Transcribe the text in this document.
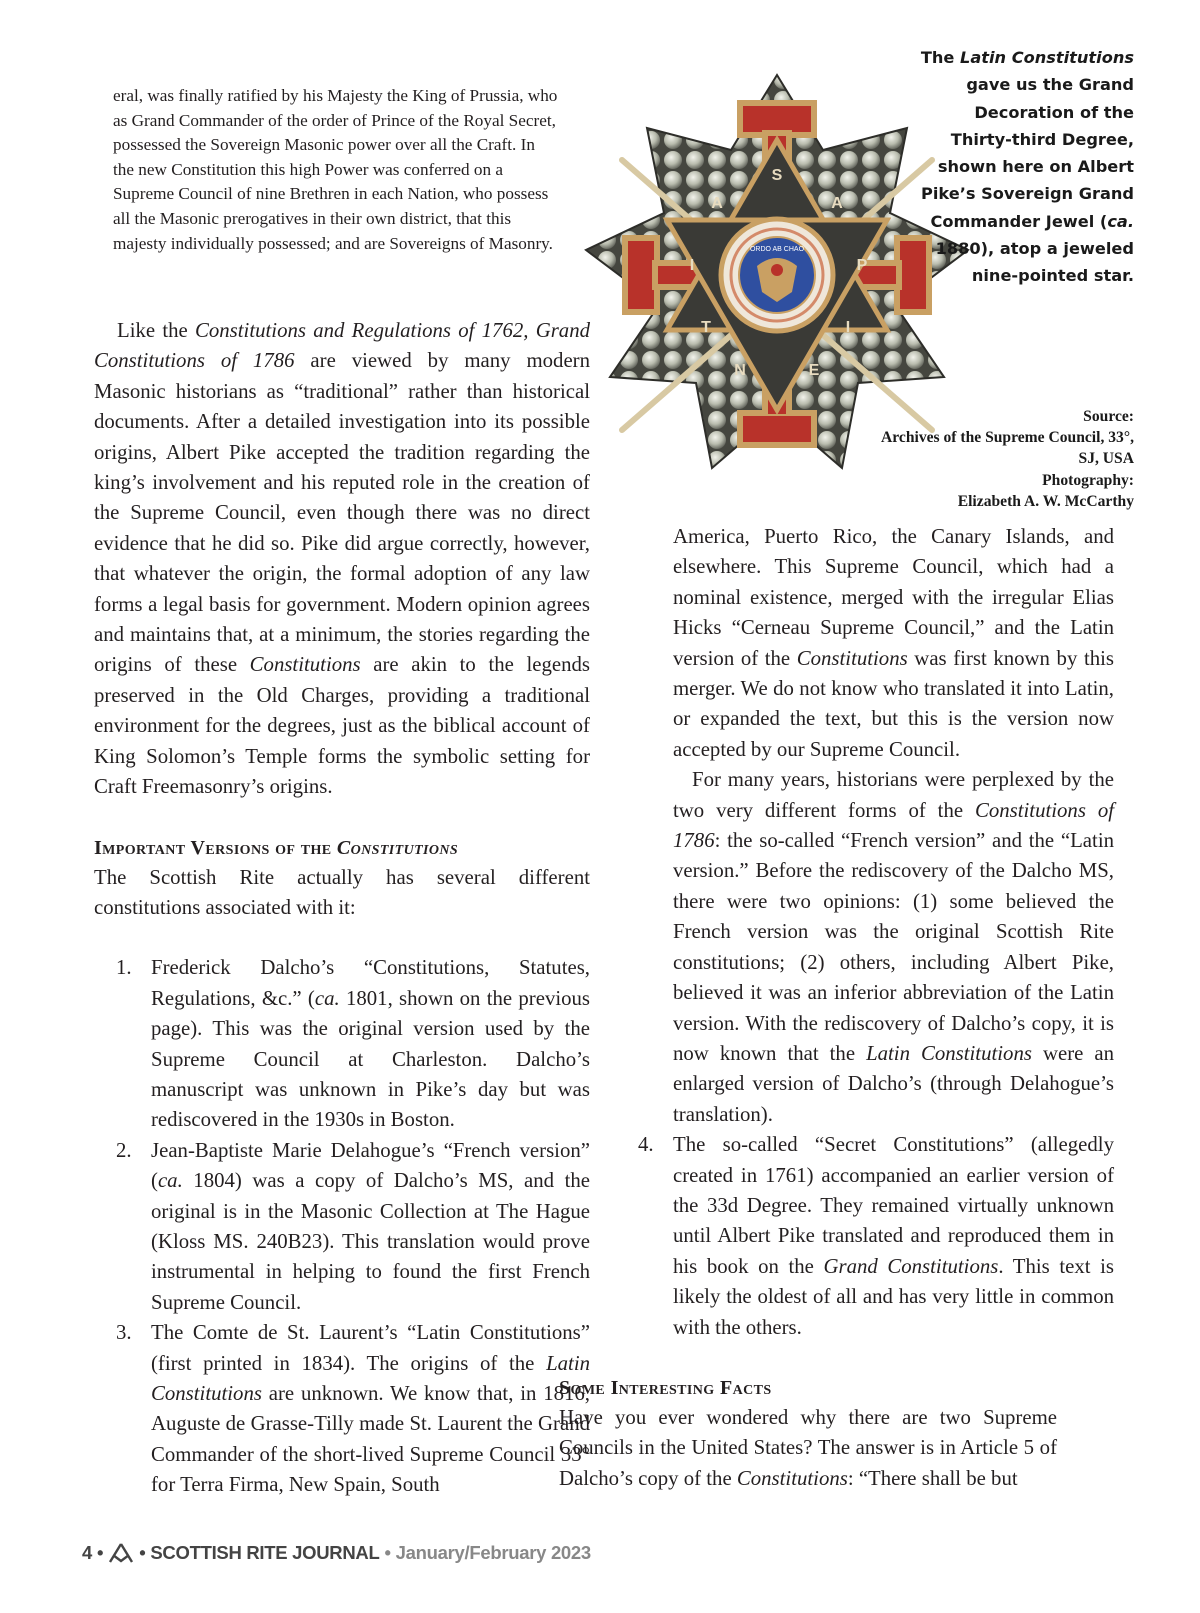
eral, was finally ratified by his Majesty the King of Prussia, who as Grand Commander of the order of Prince of the Royal Secret, possessed the Sovereign Masonic power over all the Craft. In the new Constitution this high Power was conferred on a Supreme Council of nine Brethren in each Nation, who possess all the Masonic prerogatives in their own district, that this majesty individually possessed; and are Sovereigns of Masonry.
S
A
P
I
E
N
T
I
A
ORDO AB CHAO
The Latin Constitutions gave us the Grand Decoration of the Thirty-third Degree, shown here on Albert Pike’s Sovereign Grand Commander Jewel (ca. 1880), atop a jeweled nine-pointed star.
Source:
Archives of the Supreme Council, 33°, SJ, USA
Photography:
Elizabeth A. W. McCarthy

Like the Constitutions and Regulations of 1762, Grand Constitutions of 1786 are viewed by many modern Masonic historians as “traditional” rather than historical documents. After a detailed investigation into its possible origins, Albert Pike accepted the tradition regarding the king’s involvement and his reputed role in the creation of the Supreme Council, even though there was no direct evidence that he did so. Pike did argue correctly, however, that whatever the origin, the formal adoption of any law forms a legal basis for government. Modern opinion agrees and maintains that, at a minimum, the stories regarding the origins of these Constitutions are akin to the legends preserved in the Old Charges, providing a traditional environment for the degrees, just as the biblical account of King Solomon’s Temple forms the symbolic setting for Craft Freemasonry’s origins.

Important Versions of the Constitutions

The Scottish Rite actually has several different constitutions associated with it:

1. Frederick Dalcho’s “Constitutions, Statutes, Regulations, &c.” (ca. 1801, shown on the previous page). This was the original version used by the Supreme Council at Charleston. Dalcho’s manuscript was unknown in Pike’s day but was rediscovered in the 1930s in Boston.
2. Jean-Baptiste Marie Delahogue’s “French version” (ca. 1804) was a copy of Dalcho’s MS, and the original is in the Masonic Collection at The Hague (Kloss MS. 240B23). This translation would prove instrumental in helping to found the first French Supreme Council.
3. The Comte de St. Laurent’s “Latin Constitutions” (first printed in 1834). The origins of the Latin Constitutions are unknown. We know that, in 1816, Auguste de Grasse-Tilly made St. Laurent the Grand Commander of the short-lived Supreme Council 33° for Terra Firma, New Spain, South
America, Puerto Rico, the Canary Islands, and elsewhere. This Supreme Council, which had a nominal existence, merged with the irregular Elias Hicks “Cerneau Supreme Council,” and the Latin version of the Constitutions was first known by this merger. We do not know who translated it into Latin, or expanded the text, but this is the version now accepted by our Supreme Council.
For many years, historians were perplexed by the two very different forms of the Constitutions of 1786: the so-called “French version” and the “Latin version.” Before the rediscovery of the Dalcho MS, there were two opinions: (1) some believed the French version was the original Scottish Rite constitutions; (2) others, including Albert Pike, believed it was an inferior abbreviation of the Latin version. With the rediscovery of Dalcho’s copy, it is now known that the Latin Constitutions were an enlarged version of Dalcho’s (through Delahogue’s translation).
4. The so-called “Secret Constitutions” (allegedly created in 1761) accompanied an earlier version of the 33d Degree. They remained virtually unknown until Albert Pike translated and reproduced them in his book on the Grand Constitutions. This text is likely the oldest of all and has very little in common with the others.

Some Interesting Facts

Have you ever wondered why there are two Supreme Councils in the United States? The answer is in Article 5 of Dalcho’s copy of the Constitutions: “There shall be but

4 • • SCOTTISH RITE JOURNAL • January/February 2023
